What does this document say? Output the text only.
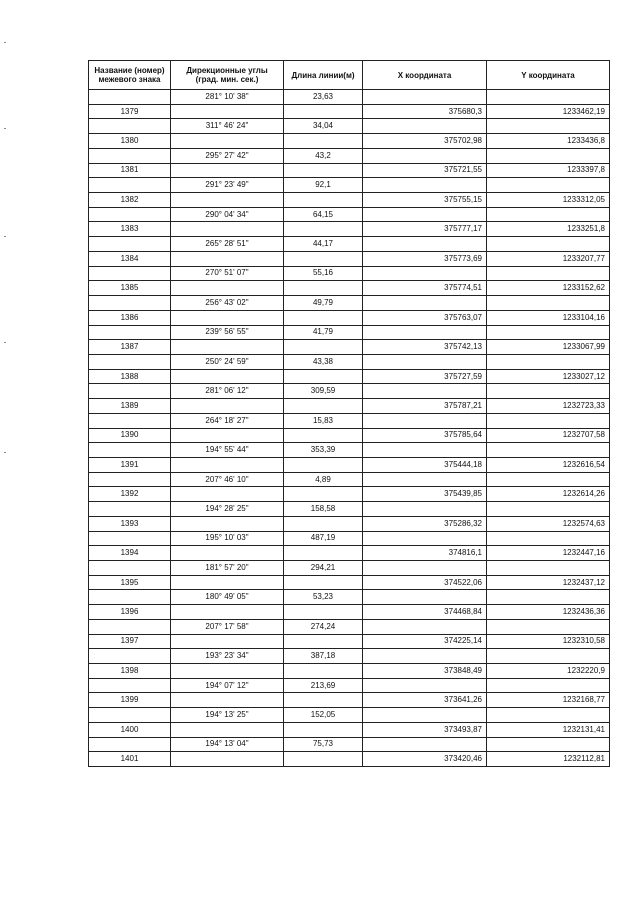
Название (номер) межевого знака	Дирекционные углы (град. мин. сек.)	Длина линии(м)	X координата	Y координата
	281° 10' 38"	23,63		
1379			375680,3	1233462,19
	311° 46' 24"	34,04		
1380			375702,98	1233436,8
	295° 27' 42"	43,2		
1381			375721,55	1233397,8
	291° 23' 49"	92,1		
1382			375755,15	1233312,05
	290° 04' 34"	64,15		
1383			375777,17	1233251,8
	265° 28' 51"	44,17		
1384			375773,69	1233207,77
	270° 51' 07"	55,16		
1385			375774,51	1233152,62
	256° 43' 02"	49,79		
1386			375763,07	1233104,16
	239° 56' 55"	41,79		
1387			375742,13	1233067,99
	250° 24' 59"	43,38		
1388			375727,59	1233027,12
	281° 06' 12"	309,59		
1389			375787,21	1232723,33
	264° 18' 27"	15,83		
1390			375785,64	1232707,58
	194° 55' 44"	353,39		
1391			375444,18	1232616,54
	207° 46' 10"	4,89		
1392			375439,85	1232614,26
	194° 28' 25"	158,58		
1393			375286,32	1232574,63
	195° 10' 03"	487,19		
1394			374816,1	1232447,16
	181° 57' 20"	294,21		
1395			374522,06	1232437,12
	180° 49' 05"	53,23		
1396			374468,84	1232436,36
	207° 17' 58"	274,24		
1397			374225,14	1232310,58
	193° 23' 34"	387,18		
1398			373848,49	1232220,9
	194° 07' 12"	213,69		
1399			373641,26	1232168,77
	194° 13' 25"	152,05		
1400			373493,87	1232131,41
	194° 13' 04"	75,73		
1401			373420,46	1232112,81
